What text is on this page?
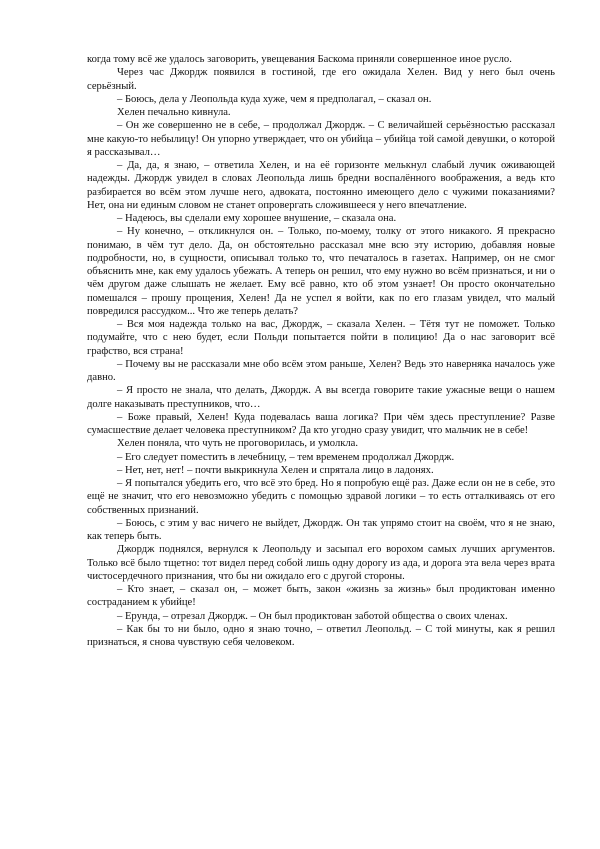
когда тому всё же удалось заговорить, увещевания Баскома приняли совершенное иное русло.

Через час Джордж появился в гостиной, где его ожидала Хелен. Вид у него был очень серьёзный.

– Боюсь, дела у Леопольда куда хуже, чем я предполагал, – сказал он.

Хелен печально кивнула.

– Он же совершенно не в себе, – продолжал Джордж. – С величайшей серьёзностью рассказал мне какую-то небылицу! Он упорно утверждает, что он убийца – убийца той самой девушки, о которой я рассказывал…

– Да, да, я знаю, – ответила Хелен, и на её горизонте мелькнул слабый лучик оживающей надежды. Джордж увидел в словах Леопольда лишь бредни воспалённого воображения, а ведь кто разбирается во всём этом лучше него, адвоката, постоянно имеющего дело с чужими показаниями? Нет, она ни единым словом не станет опровергать сложившееся у него впечатление.

– Надеюсь, вы сделали ему хорошее внушение, – сказала она.

– Ну конечно, – откликнулся он. – Только, по-моему, толку от этого никакого. Я прекрасно понимаю, в чём тут дело. Да, он обстоятельно рассказал мне всю эту историю, добавляя новые подробности, но, в сущности, описывал только то, что печаталось в газетах. Например, он не смог объяснить мне, как ему удалось убежать. А теперь он решил, что ему нужно во всём признаться, и ни о чём другом даже слышать не желает. Ему всё равно, кто об этом узнает! Он просто окончательно помешался – прошу прощения, Хелен! Да не успел я войти, как по его глазам увидел, что малый повредился рассудком... Что же теперь делать?

– Вся моя надежда только на вас, Джордж, – сказала Хелен. – Тётя тут не поможет. Только подумайте, что с нею будет, если Польди попытается пойти в полицию! Да о нас заговорит всё графство, вся страна!

– Почему вы не рассказали мне обо всём этом раньше, Хелен? Ведь это наверняка началось уже давно.

– Я просто не знала, что делать, Джордж. А вы всегда говорите такие ужасные вещи о нашем долге наказывать преступников, что…

– Боже правый, Хелен! Куда подевалась ваша логика? При чём здесь преступление? Разве сумасшествие делает человека преступником? Да кто угодно сразу увидит, что мальчик не в себе!

Хелен поняла, что чуть не проговорилась, и умолкла.

– Его следует поместить в лечебницу, – тем временем продолжал Джордж.

– Нет, нет, нет! – почти выкрикнула Хелен и спрятала лицо в ладонях.

– Я попытался убедить его, что всё это бред. Но я попробую ещё раз. Даже если он не в себе, это ещё не значит, что его невозможно убедить с помощью здравой логики – то есть отталкиваясь от его собственных признаний.

– Боюсь, с этим у вас ничего не выйдет, Джордж. Он так упрямо стоит на своём, что я не знаю, как теперь быть.

Джордж поднялся, вернулся к Леопольду и засыпал его ворохом самых лучших аргументов. Только всё было тщетно: тот видел перед собой лишь одну дорогу из ада, и дорога эта вела через врата чистосердечного признания, что бы ни ожидало его с другой стороны.

– Кто знает, – сказал он, – может быть, закон «жизнь за жизнь» был продиктован именно состраданием к убийце!

– Ерунда, – отрезал Джордж. – Он был продиктован заботой общества о своих членах.

– Как бы то ни было, одно я знаю точно, – ответил Леопольд. – С той минуты, как я решил признаться, я снова чувствую себя человеком.
